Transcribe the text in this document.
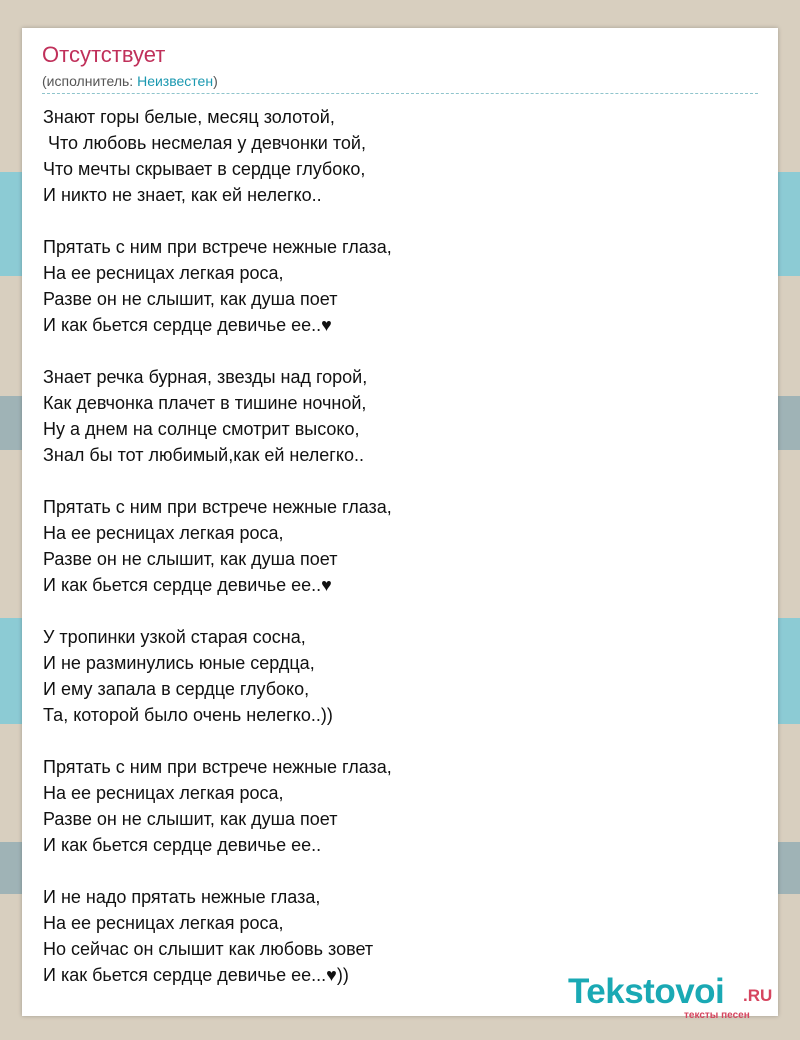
Отсутствует
(исполнитель: Неизвестен)
Знают горы белые, месяц золотой,
Что любовь несмелая у девчонки той,
Что мечты скрывает в сердце глубоко,
И никто не знает, как ей нелегко..
Прятать с ним при встрече нежные глаза,
На ее ресницах легкая роса,
Разве он не слышит, как душа поет
И как бьется сердце девичье ее..♥
Знает речка бурная, звезды над горой,
Как девчонка плачет в тишине ночной,
Ну а днем на солнце смотрит высоко,
Знал бы тот любимый,как ей нелегко..
Прятать с ним при встрече нежные глаза,
На ее ресницах легкая роса,
Разве он не слышит, как душа поет
И как бьется сердце девичье ее..♥
У тропинки узкой старая сосна,
И не разминулись юные сердца,
И ему запала в сердце глубоко,
Та, которой было очень нелегко..))
Прятать с ним при встрече нежные глаза,
На ее ресницах легкая роса,
Разве он не слышит, как душа поет
И как бьется сердце девичье ее..
И не надо прятать нежные глаза,
На ее ресницах легкая роса,
Но сейчас он слышит как любовь зовет
И как бьется сердце девичье ее...♥))	Tekstovoi .RU
тексты песен
